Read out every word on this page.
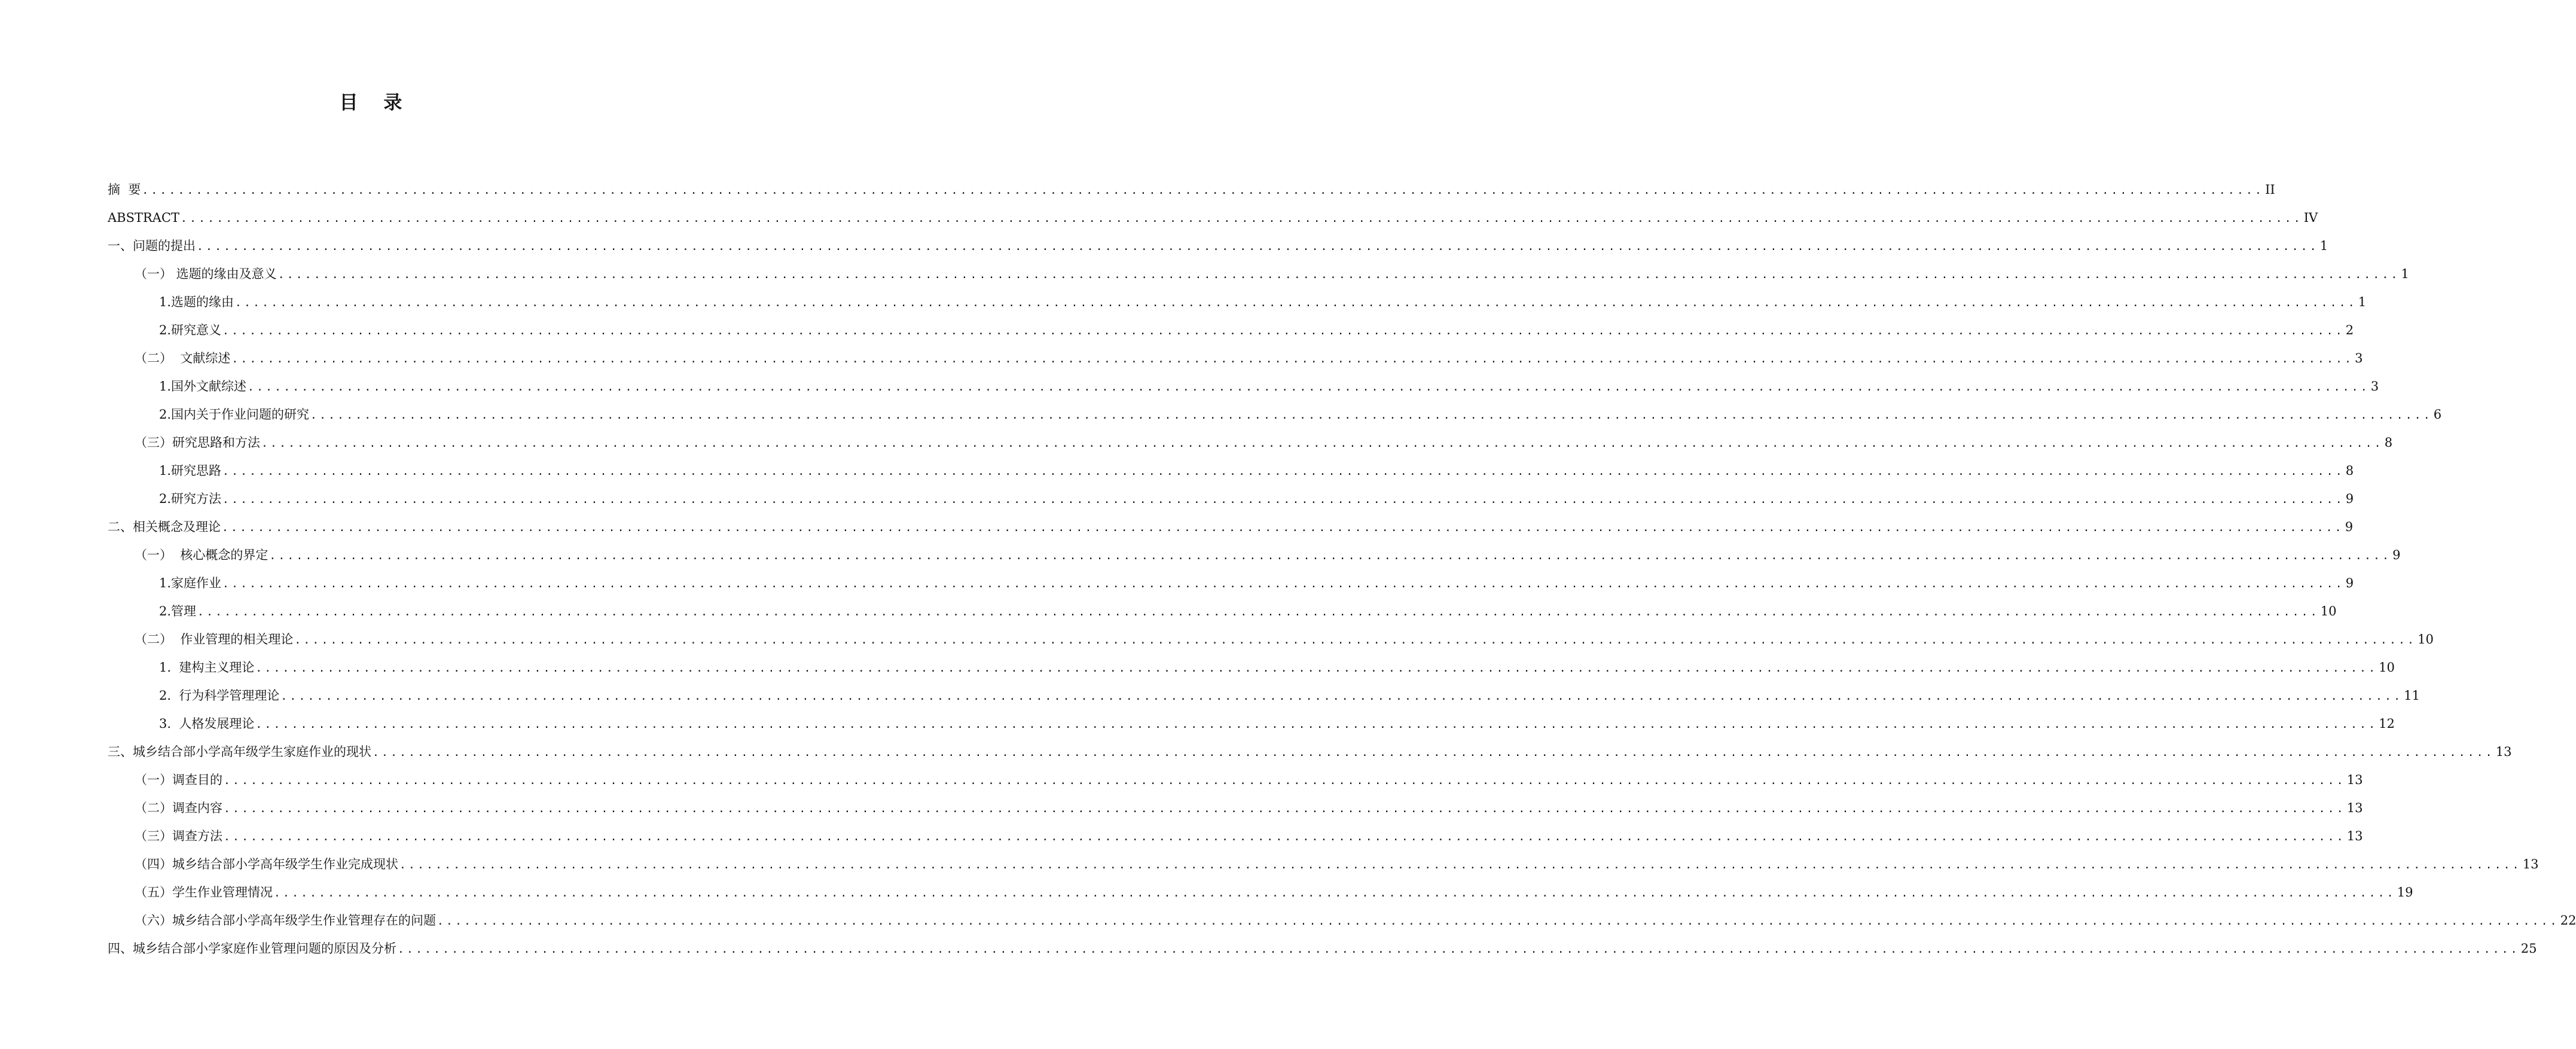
目 录
摘  要 ............................................................................................................................................................................................................................................ II
ABSTRACT ............................................................................................................................................................................................................................................ IV
一、问题的提出 ............................................................................................................................................................................................................................................ 1
（一） 选题的缘由及意义 ............................................................................................................................................................................................................................................ 1
1.选题的缘由 ............................................................................................................................................................................................................................................ 1
2.研究意义 ............................................................................................................................................................................................................................................ 2
（二）  文献综述 ............................................................................................................................................................................................................................................ 3
1.国外文献综述 ............................................................................................................................................................................................................................................ 3
2.国内关于作业问题的研究 ............................................................................................................................................................................................................................................ 6
（三）研究思路和方法 ............................................................................................................................................................................................................................................ 8
1.研究思路 ............................................................................................................................................................................................................................................ 8
2.研究方法 ............................................................................................................................................................................................................................................ 9
二、相关概念及理论 ............................................................................................................................................................................................................................................ 9
（一）  核心概念的界定 ............................................................................................................................................................................................................................................ 9
1.家庭作业 ............................................................................................................................................................................................................................................ 9
2.管理 ............................................................................................................................................................................................................................................ 10
（二）  作业管理的相关理论 ............................................................................................................................................................................................................................................ 10
1.  建构主义理论 ............................................................................................................................................................................................................................................ 10
2.  行为科学管理理论 ............................................................................................................................................................................................................................................ 11
3.  人格发展理论 ............................................................................................................................................................................................................................................ 12
三、城乡结合部小学高年级学生家庭作业的现状 ............................................................................................................................................................................................................................................ 13
（一）调查目的 ............................................................................................................................................................................................................................................ 13
（二）调查内容 ............................................................................................................................................................................................................................................ 13
（三）调查方法 ............................................................................................................................................................................................................................................ 13
（四）城乡结合部小学高年级学生作业完成现状 ............................................................................................................................................................................................................................................ 13
（五）学生作业管理情况 ............................................................................................................................................................................................................................................ 19
（六）城乡结合部小学高年级学生作业管理存在的问题 ............................................................................................................................................................................................................................................ 22
四、城乡结合部小学家庭作业管理问题的原因及分析 ............................................................................................................................................................................................................................................ 25
